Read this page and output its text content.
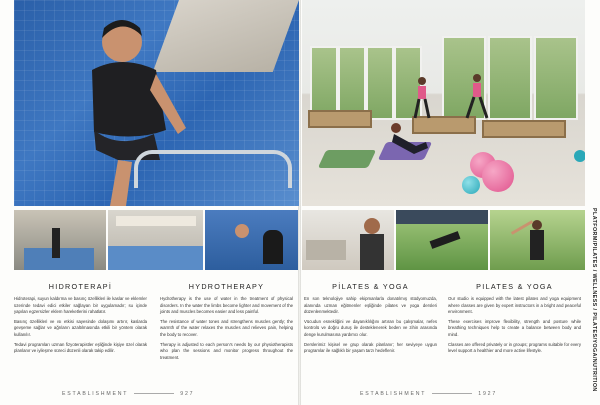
PLATFORM/PILATES / WELLNESS / PILATES/YOGA/NUTRITION
HIDROTERAPİ

Hidroterapi, suyun kaldırma ve basınç özellikleri ile kaslar ve eklemler üzerinde tedavi edici etkiler sağlayan bir uygulamadır; su içinde yapılan egzersizler eklem hareketlerini rahatlatır.

Basınç özellikleri ve ısı etkisi sayesinde dolaşımı artırır, kaslarda gevşeme sağlar ve ağrıların azaltılmasında etkili bir yöntem olarak kullanılır.

Tedavi programları uzman fizyoterapistler eşliğinde kişiye özel olarak planlanır ve iyileşme süreci düzenli olarak takip edilir.

HYDROTHERAPY

Hydrotherapy is the use of water in the treatment of physical disorders. In the water the limbs become lighter and movement of the joints and muscles becomes easier and less painful.

The resistance of water tones and strengthens muscles gently; the warmth of the water relaxes the muscles and relieves pain, helping the body to recover.

Therapy is adjusted to each person's needs by our physiotherapists who plan the sessions and monitor progress throughout the treatment.

PİLATES & YOGA

En son teknolojiye sahip ekipmanlarla donatılmış stüdyomuzda, alanında uzman eğitmenler eşliğinde pilates ve yoga dersleri düzenlenmektedir.

Vücudun esnekliğini ve dayanıklılığını artıran bu çalışmalar, nefes kontrolü ve doğru duruş ile desteklenerek beden ve zihin arasında denge kurulmasına yardımcı olur.

Derslerimiz kişisel ve grup olarak planlanır; her seviyeye uygun programlar ile sağlıklı bir yaşam tarzı hedeflenir.

PILATES & YOGA

Our studio is equipped with the latest pilates and yoga equipment where classes are given by expert instructors in a bright and peaceful environment.

These exercises improve flexibility, strength and posture while breathing techniques help to create a balance between body and mind.

Classes are offered privately or in groups; programs suitable for every level support a healthier and more active lifestyle.

ESTABLISHMENT	927	ESTABLISHMENT	1927
